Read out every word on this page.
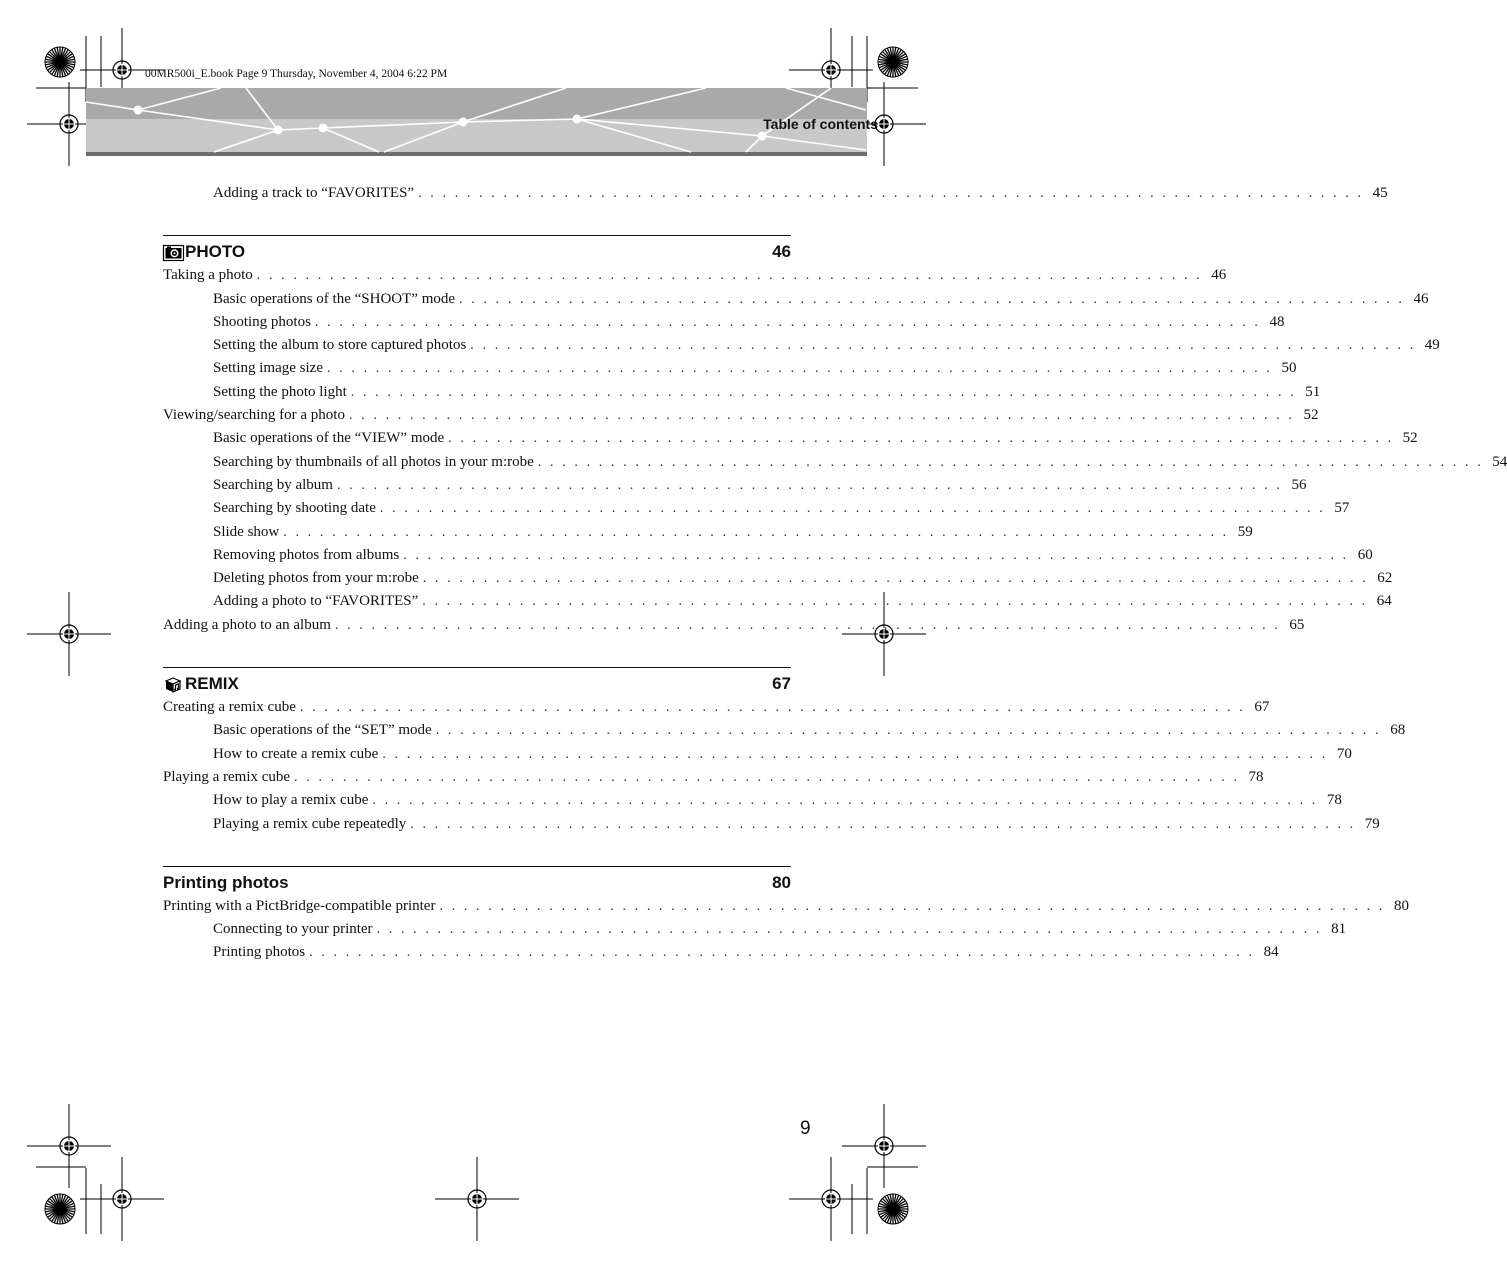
00MR500i_E.book Page 9 Thursday, November 4, 2004 6:22 PM
Table of contents
Adding a track to “FAVORITES” . . . . . . . . . . . . . . . . . . . . . . . . . . . . . . . . . . . . . . . . . . . . . . . . . . . . . . . . . . . . . . . . . . . . . . . . . . . . . . 45
PHOTO	46
Taking a photo . . . . . . . . . . . . . . . . . . . . . . . . . . . . . . . . . . . . . . . . . . . . . . . . . . . . . . . . . . . . . . . . . . . . . . . . . . . . . . 46
Basic operations of the “SHOOT” mode . . . . . . . . . . . . . . . . . . . . . . . . . . . . . . . . . . . . . . . . . . . . . . . . . . . . . . . . . . . . . . . . . . . . . . . . . . . . . . 46
Shooting photos . . . . . . . . . . . . . . . . . . . . . . . . . . . . . . . . . . . . . . . . . . . . . . . . . . . . . . . . . . . . . . . . . . . . . . . . . . . . . . 48
Setting the album to store captured photos . . . . . . . . . . . . . . . . . . . . . . . . . . . . . . . . . . . . . . . . . . . . . . . . . . . . . . . . . . . . . . . . . . . . . . . . . . . . . . 49
Setting image size . . . . . . . . . . . . . . . . . . . . . . . . . . . . . . . . . . . . . . . . . . . . . . . . . . . . . . . . . . . . . . . . . . . . . . . . . . . . . . 50
Setting the photo light . . . . . . . . . . . . . . . . . . . . . . . . . . . . . . . . . . . . . . . . . . . . . . . . . . . . . . . . . . . . . . . . . . . . . . . . . . . . . . 51
Viewing/searching for a photo . . . . . . . . . . . . . . . . . . . . . . . . . . . . . . . . . . . . . . . . . . . . . . . . . . . . . . . . . . . . . . . . . . . . . . . . . . . . . . 52
Basic operations of the “VIEW” mode . . . . . . . . . . . . . . . . . . . . . . . . . . . . . . . . . . . . . . . . . . . . . . . . . . . . . . . . . . . . . . . . . . . . . . . . . . . . . . 52
Searching by thumbnails of all photos in your m:robe . . . . . . . . . . . . . . . . . . . . . . . . . . . . . . . . . . . . . . . . . . . . . . . . . . . . . . . . . . . . . . . . . . . . . . . . . . . . . . 54
Searching by album . . . . . . . . . . . . . . . . . . . . . . . . . . . . . . . . . . . . . . . . . . . . . . . . . . . . . . . . . . . . . . . . . . . . . . . . . . . . . . 56
Searching by shooting date . . . . . . . . . . . . . . . . . . . . . . . . . . . . . . . . . . . . . . . . . . . . . . . . . . . . . . . . . . . . . . . . . . . . . . . . . . . . . . 57
Slide show . . . . . . . . . . . . . . . . . . . . . . . . . . . . . . . . . . . . . . . . . . . . . . . . . . . . . . . . . . . . . . . . . . . . . . . . . . . . . . 59
Removing photos from albums . . . . . . . . . . . . . . . . . . . . . . . . . . . . . . . . . . . . . . . . . . . . . . . . . . . . . . . . . . . . . . . . . . . . . . . . . . . . . . 60
Deleting photos from your m:robe . . . . . . . . . . . . . . . . . . . . . . . . . . . . . . . . . . . . . . . . . . . . . . . . . . . . . . . . . . . . . . . . . . . . . . . . . . . . . . 62
Adding a photo to “FAVORITES” . . . . . . . . . . . . . . . . . . . . . . . . . . . . . . . . . . . . . . . . . . . . . . . . . . . . . . . . . . . . . . . . . . . . . . . . . . . . . . 64
Adding a photo to an album . . . . . . . . . . . . . . . . . . . . . . . . . . . . . . . . . . . . . . . . . . . . . . . . . . . . . . . . . . . . . . . . . . . . . . . . . . . . . . 65
REMIX	67
Creating a remix cube . . . . . . . . . . . . . . . . . . . . . . . . . . . . . . . . . . . . . . . . . . . . . . . . . . . . . . . . . . . . . . . . . . . . . . . . . . . . . . 67
Basic operations of the “SET” mode . . . . . . . . . . . . . . . . . . . . . . . . . . . . . . . . . . . . . . . . . . . . . . . . . . . . . . . . . . . . . . . . . . . . . . . . . . . . . . 68
How to create a remix cube . . . . . . . . . . . . . . . . . . . . . . . . . . . . . . . . . . . . . . . . . . . . . . . . . . . . . . . . . . . . . . . . . . . . . . . . . . . . . . 70
Playing a remix cube . . . . . . . . . . . . . . . . . . . . . . . . . . . . . . . . . . . . . . . . . . . . . . . . . . . . . . . . . . . . . . . . . . . . . . . . . . . . . . 78
How to play a remix cube . . . . . . . . . . . . . . . . . . . . . . . . . . . . . . . . . . . . . . . . . . . . . . . . . . . . . . . . . . . . . . . . . . . . . . . . . . . . . . 78
Playing a remix cube repeatedly . . . . . . . . . . . . . . . . . . . . . . . . . . . . . . . . . . . . . . . . . . . . . . . . . . . . . . . . . . . . . . . . . . . . . . . . . . . . . . 79
Printing photos	80
Printing with a PictBridge-compatible printer . . . . . . . . . . . . . . . . . . . . . . . . . . . . . . . . . . . . . . . . . . . . . . . . . . . . . . . . . . . . . . . . . . . . . . . . . . . . . . 80
Connecting to your printer . . . . . . . . . . . . . . . . . . . . . . . . . . . . . . . . . . . . . . . . . . . . . . . . . . . . . . . . . . . . . . . . . . . . . . . . . . . . . . 81
Printing photos . . . . . . . . . . . . . . . . . . . . . . . . . . . . . . . . . . . . . . . . . . . . . . . . . . . . . . . . . . . . . . . . . . . . . . . . . . . . . . 84
9
